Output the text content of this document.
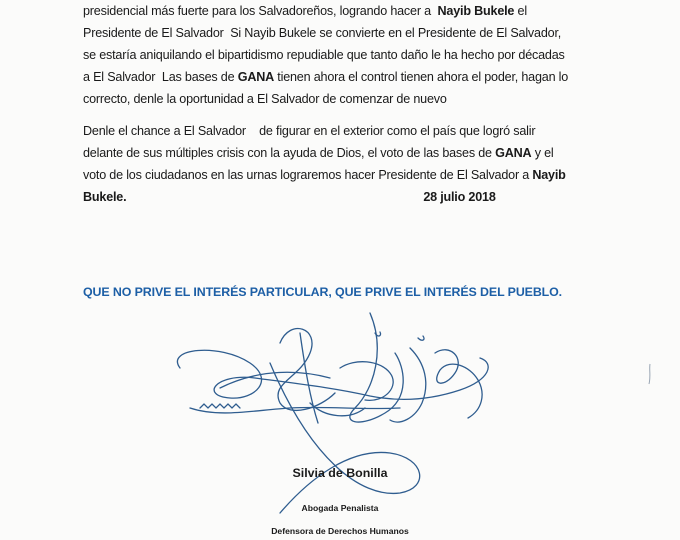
presidencial más fuerte para los Salvadoreños, logrando hacer a  Nayib Bukele el
Presidente de El Salvador  Si Nayib Bukele se convierte en el Presidente de El Salvador,
se estaría aniquilando el bipartidismo repudiable que tanto daño le ha hecho por décadas
a El Salvador  Las bases de GANA tienen ahora el control tienen ahora el poder, hagan lo
correcto, denle la oportunidad a El Salvador de comenzar de nuevo

Denle el chance a El Salvador    de figurar en el exterior como el país que logró salir
delante de sus múltiples crisis con la ayuda de Dios, el voto de las bases de GANA y el
voto de los ciudadanos en las urnas lograremos hacer Presidente de El Salvador a Nayib
Bukele.	28 julio 2018

QUE NO PRIVE EL INTERÉS PARTICULAR, QUE PRIVE EL INTERÉS DEL PUEBLO.
Silvia de Bonilla
Abogada Penalista
Defensora de Derechos Humanos
